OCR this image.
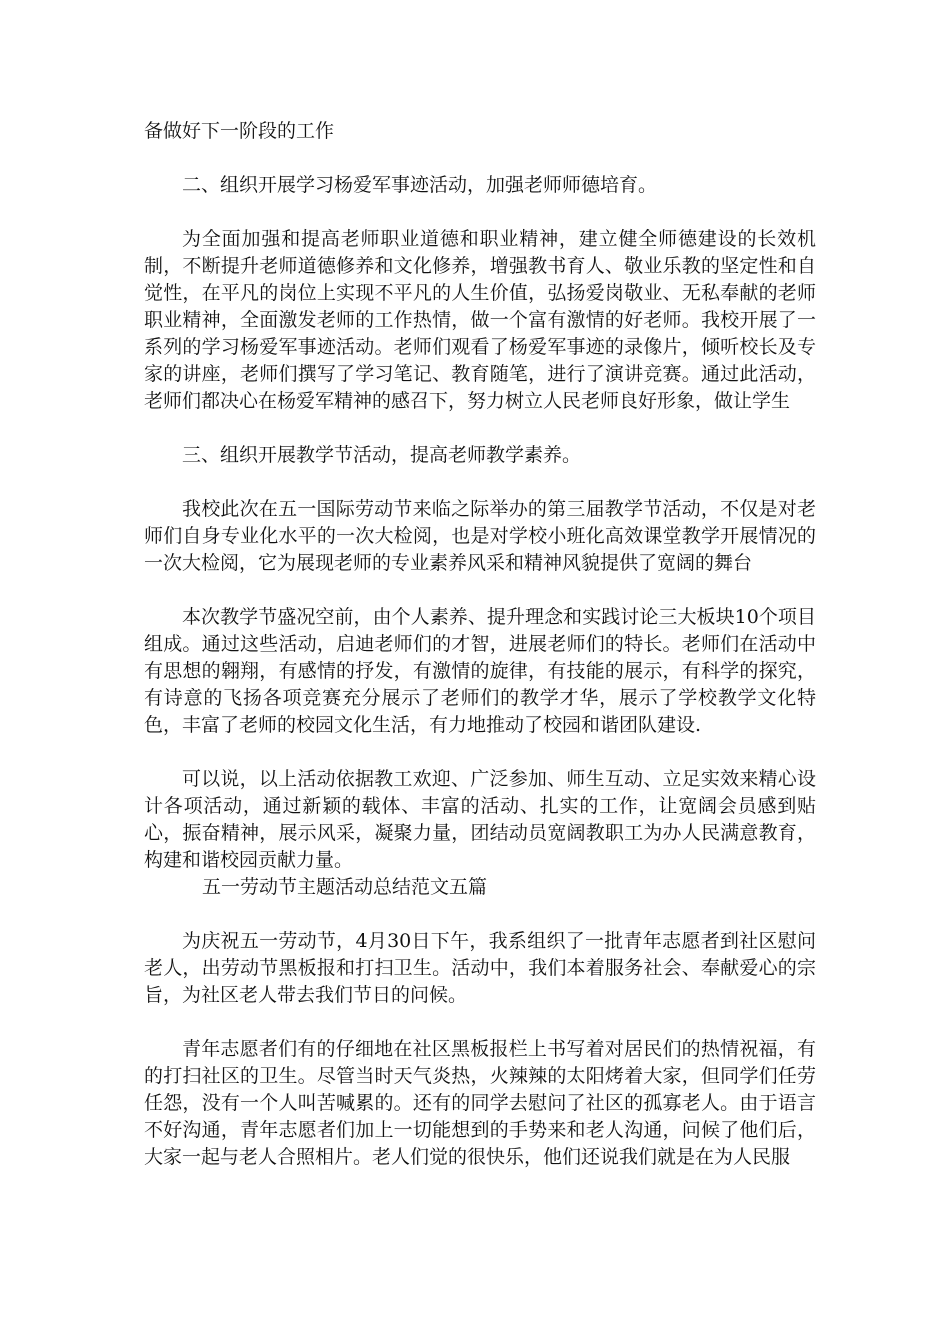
备做好下一阶段的工作

二、组织开展学习杨爱军事迹活动，加强老师师德培育。

为全面加强和提高老师职业道德和职业精神，建立健全师德建设的长效机制，不断提升老师道德修养和文化修养，增强教书育人、敬业乐教的坚定性和自觉性，在平凡的岗位上实现不平凡的人生价值，弘扬爱岗敬业、无私奉献的老师职业精神，全面激发老师的工作热情，做一个富有激情的好老师。我校开展了一系列的学习杨爱军事迹活动。老师们观看了杨爱军事迹的录像片，倾听校长及专家的讲座，老师们撰写了学习笔记、教育随笔，进行了演讲竞赛。通过此活动，老师们都决心在杨爱军精神的感召下，努力树立人民老师良好形象，做让学生

三、组织开展教学节活动，提高老师教学素养。

我校此次在五一国际劳动节来临之际举办的第三届教学节活动，不仅是对老师们自身专业化水平的一次大检阅，也是对学校小班化高效课堂教学开展情况的一次大检阅，它为展现老师的专业素养风采和精神风貌提供了宽阔的舞台

本次教学节盛况空前，由个人素养、提升理念和实践讨论三大板块10个项目组成。通过这些活动，启迪老师们的才智，进展老师们的特长。老师们在活动中有思想的翱翔，有感情的抒发，有激情的旋律，有技能的展示，有科学的探究，有诗意的飞扬各项竞赛充分展示了老师们的教学才华，展示了学校教学文化特色，丰富了老师的校园文化生活，有力地推动了校园和谐团队建设.

可以说，以上活动依据教工欢迎、广泛参加、师生互动、立足实效来精心设计各项活动，通过新颖的载体、丰富的活动、扎实的工作，让宽阔会员感到贴心，振奋精神，展示风采，凝聚力量，团结动员宽阔教职工为办人民满意教育，构建和谐校园贡献力量。

五一劳动节主题活动总结范文五篇

为庆祝五一劳动节，4月30日下午，我系组织了一批青年志愿者到社区慰问老人，出劳动节黑板报和打扫卫生。活动中，我们本着服务社会、奉献爱心的宗旨，为社区老人带去我们节日的问候。

青年志愿者们有的仔细地在社区黑板报栏上书写着对居民们的热情祝福，有的打扫社区的卫生。尽管当时天气炎热，火辣辣的太阳烤着大家，但同学们任劳任怨，没有一个人叫苦喊累的。还有的同学去慰问了社区的孤寡老人。由于语言不好沟通，青年志愿者们加上一切能想到的手势来和老人沟通，问候了他们后，大家一起与老人合照相片。老人们觉的很快乐，他们还说我们就是在为人民服
